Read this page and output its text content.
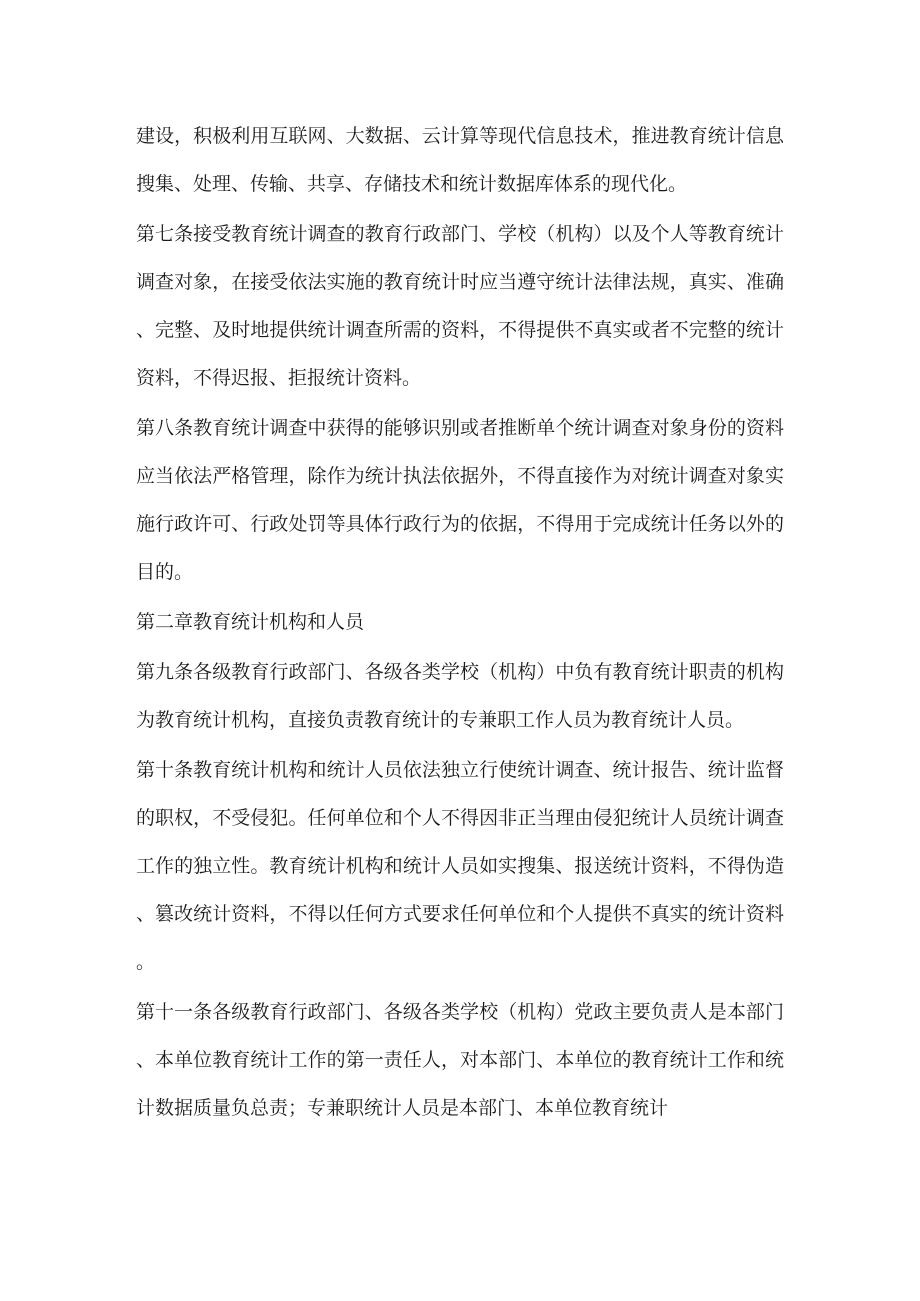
建设，积极利用互联网、大数据、云计算等现代信息技术，推进教育统计信息搜集、处理、传输、共享、存储技术和统计数据库体系的现代化。

第七条接受教育统计调查的教育行政部门、学校（机构）以及个人等教育统计调查对象，在接受依法实施的教育统计时应当遵守统计法律法规，真实、准确、完整、及时地提供统计调查所需的资料，不得提供不真实或者不完整的统计资料，不得迟报、拒报统计资料。

第八条教育统计调查中获得的能够识别或者推断单个统计调查对象身份的资料应当依法严格管理，除作为统计执法依据外，不得直接作为对统计调查对象实施行政许可、行政处罚等具体行政行为的依据，不得用于完成统计任务以外的目的。

第二章教育统计机构和人员

第九条各级教育行政部门、各级各类学校（机构）中负有教育统计职责的机构为教育统计机构，直接负责教育统计的专兼职工作人员为教育统计人员。

第十条教育统计机构和统计人员依法独立行使统计调查、统计报告、统计监督的职权，不受侵犯。任何单位和个人不得因非正当理由侵犯统计人员统计调查工作的独立性。教育统计机构和统计人员如实搜集、报送统计资料，不得伪造、篡改统计资料，不得以任何方式要求任何单位和个人提供不真实的统计资料。

第十一条各级教育行政部门、各级各类学校（机构）党政主要负责人是本部门、本单位教育统计工作的第一责任人，对本部门、本单位的教育统计工作和统计数据质量负总责；专兼职统计人员是本部门、本单位教育统计
